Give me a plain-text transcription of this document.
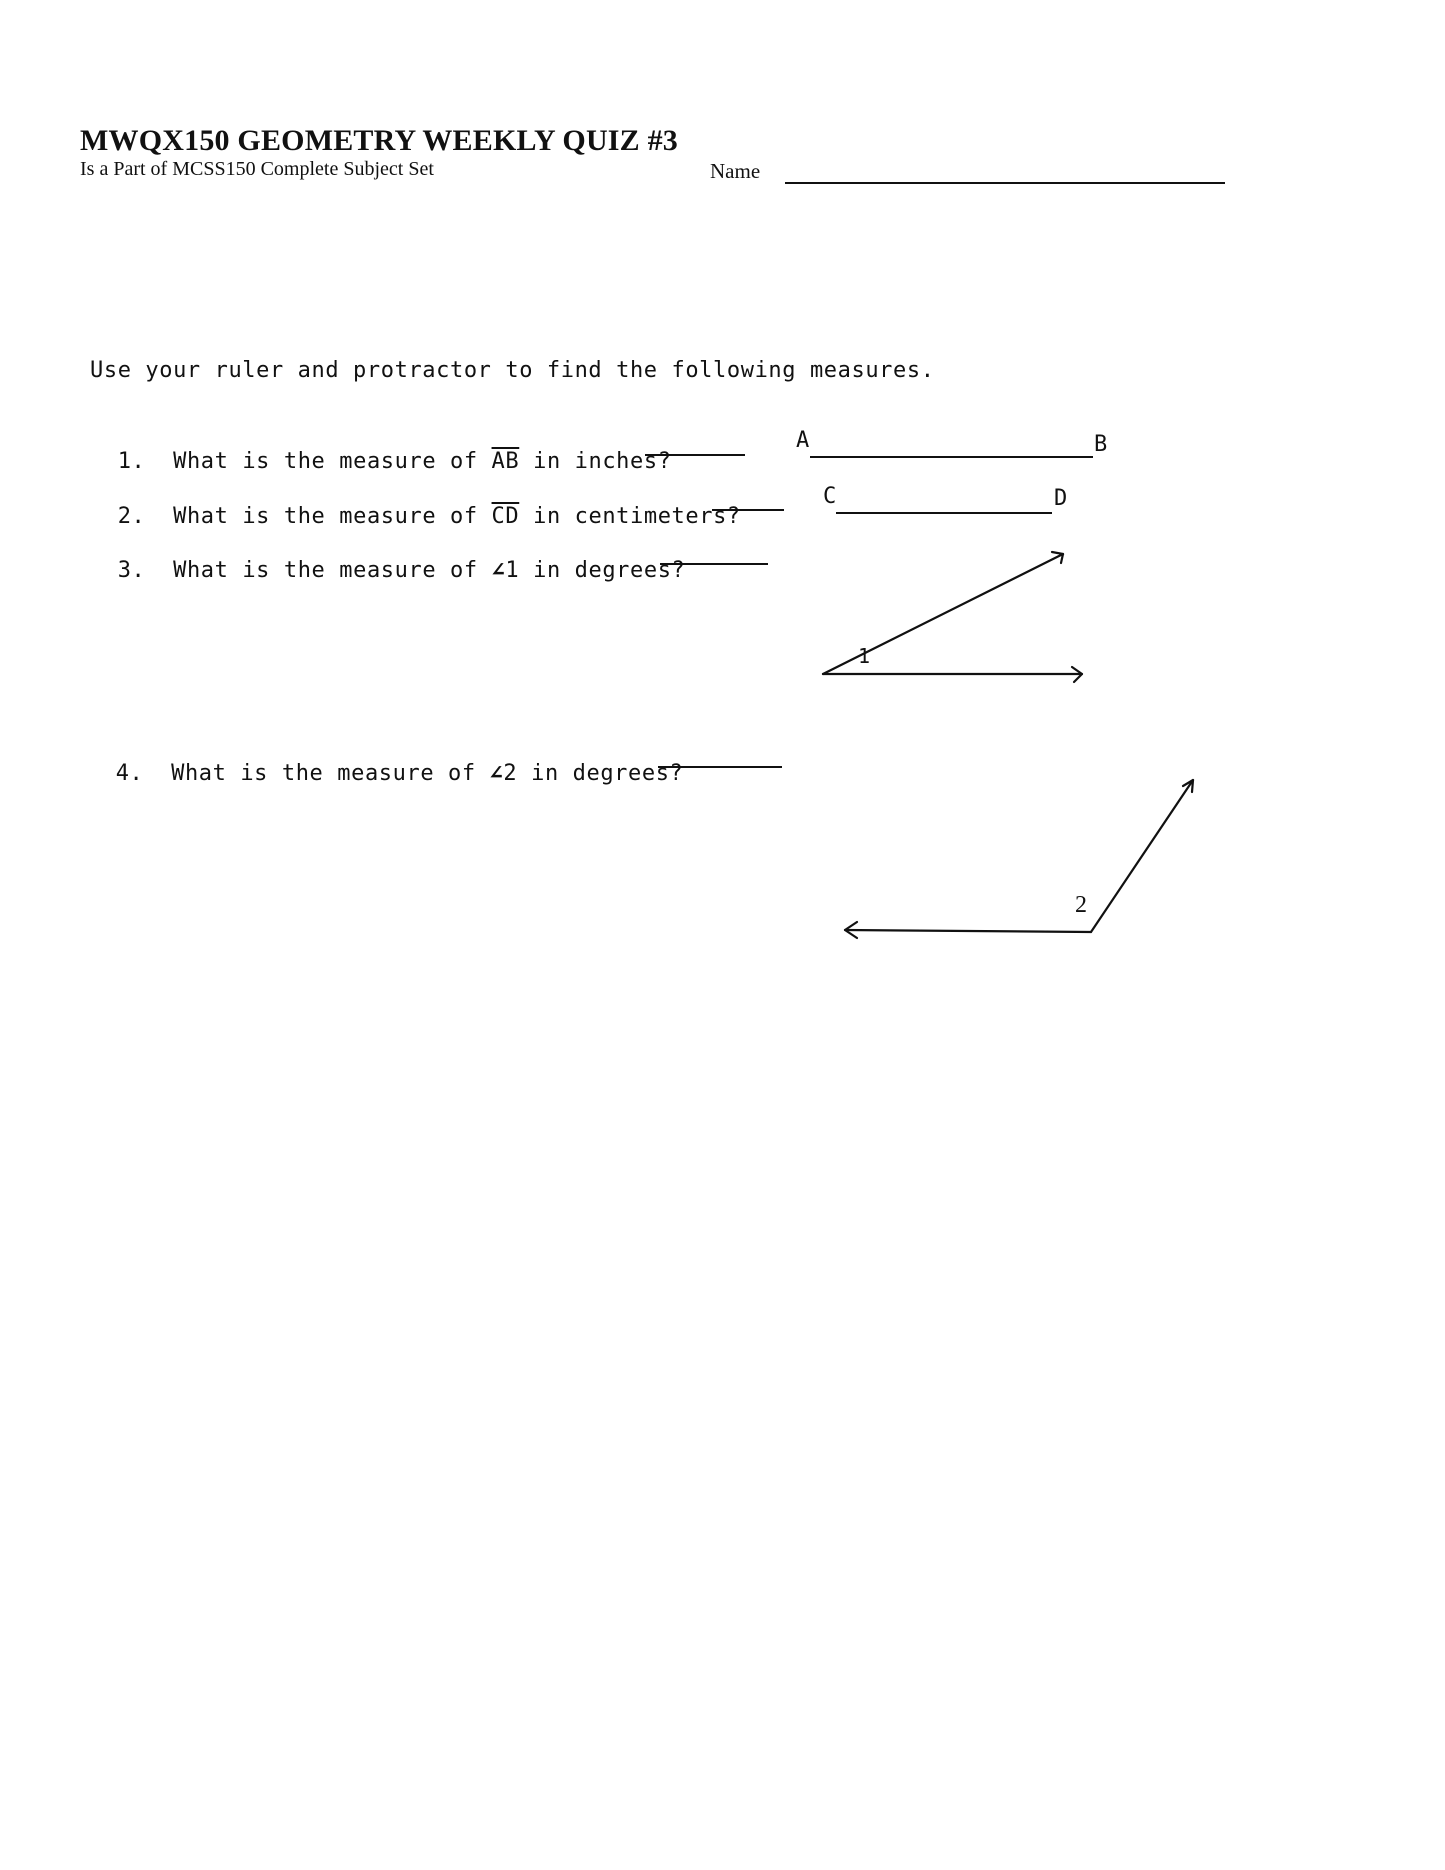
MWQX150 GEOMETRY WEEKLY QUIZ #3
Is a Part of MCSS150 Complete Subject Set	Name
Use your ruler and protractor to find the following measures.

1. What is the measure of $\overline{AB}$ in inches?

2. What is the measure of $\overline{CD}$ in centimeters?

3. What is the measure of ∠1 in degrees?

4. What is the measure of ∠2 in degrees?

A	B
C	D
1
2
